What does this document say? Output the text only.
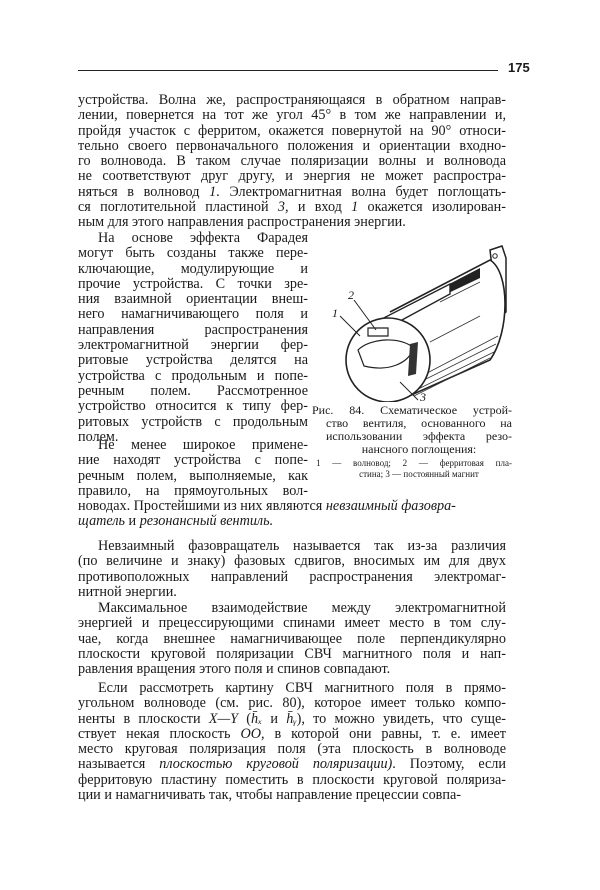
175
устройства. Волна же, распространяющаяся в обратном направ-
лении, повернется на тот же угол 45° в том же направлении и,
пройдя участок с ферритом, окажется повернутой на 90° относи-
тельно своего первоначального положения и ориентации входно-
го волновода. В таком случае поляризации волны и волновода
не соответствуют друг другу, и энергия не может распростра-
няться в волновод 1. Электромагнитная волна будет поглощать-
ся поглотительной пластиной 3, и вход 1 окажется изолирован-
ным для этого направления распространения энергии.
На основе эффекта Фарадея
могут быть созданы также пере-
ключающие, модулирующие и
прочие устройства. С точки зре-
ния взаимной ориентации внеш-
него намагничивающего поля и
направления распространения
электромагнитной энергии фер-
ритовые устройства делятся на
устройства с продольным и попе-
речным полем. Рассмотренное
устройство относится к типу фер-
ритовых устройств с продольным
полем.
Не менее широкое примене-
ние находят устройства с попе-
речным полем, выполняемые, как
правило, на прямоугольных вол-
новодах. Простейшими из них являются невзаимный фазовра-
щатель и резонансный вентиль.
Невзаимный фазовращатель называется так из-за различия
(по величине и знаку) фазовых сдвигов, вносимых им для двух
противоположных направлений распространения электромаг-
нитной энергии.
Максимальное взаимодействие между электромагнитной
энергией и прецессирующими спинами имеет место в том слу-
чае, когда внешнее намагничивающее поле перпендикулярно
плоскости круговой поляризации СВЧ магнитного поля и нап-
равления вращения этого поля и спинов совпадают.
Если рассмотреть картину СВЧ магнитного поля в прямо-
угольном волноводе (см. рис. 80), которое имеет только компо-
ненты в плоскости X—Y (h̄ₓ и h̄ᵧ), то можно увидеть, что суще-
ствует некая плоскость OO, в которой они равны, т. е. имеет
место круговая поляризация поля (эта плоскость в волноводе
называется плоскостью круговой поляризации). Поэтому, если
ферритовую пластину поместить в плоскости круговой поляриза-
ции и намагничивать так, чтобы направление прецессии совпа-
2
1
3
Рис. 84. Схематическое устрой-
ство вентиля, основанного на
использовании эффекта резо-
нансного поглощения:
1 — волновод; 2 — ферритовая пла-
стина; 3 — постоянный магнит
